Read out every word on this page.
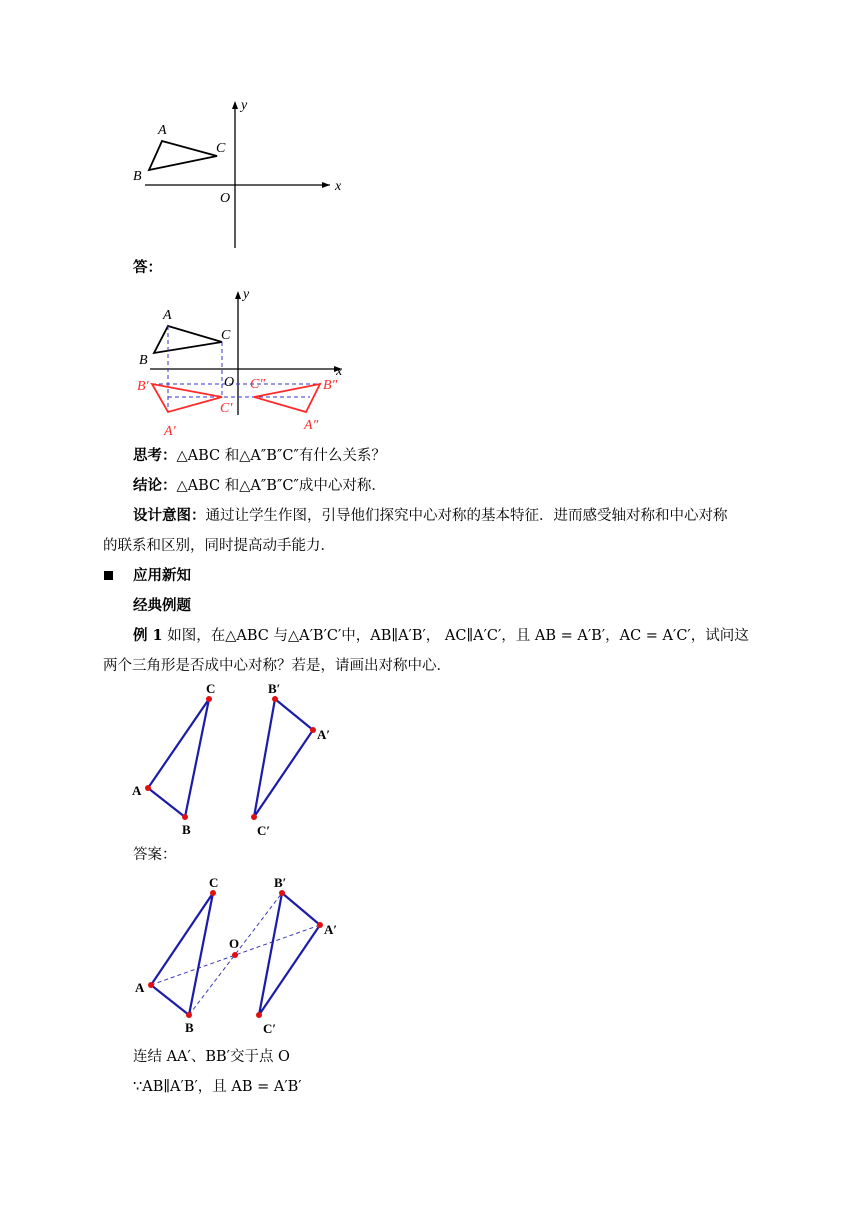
A
B
C
O
x
y
答：
A
B
C
O
x
y
B′
C′
A′
C″	B″
A″
思考：△ABC 和△A″B″C″有什么关系？
结论：△ABC 和△A″B″C″成中心对称．
设计意图：通过让学生作图，引导他们探究中心对称的基本特征．进而感受轴对称和中心对称
的联系和区别，同时提高动手能力．
应用新知
经典例题
例 1 如图，在△ABC 与△A′B′C′中，AB∥A′B′， AC∥A′C′，且 AB = A′B′，AC = A′C′，试问这
两个三角形是否成中心对称？若是，请画出对称中心．
C
A
B
B′
A′
C′
答案：
C
A
B
B′
A′
C′
O
连结 AA′、BB′交于点 O
∵AB∥A′B′，且 AB = A′B′
